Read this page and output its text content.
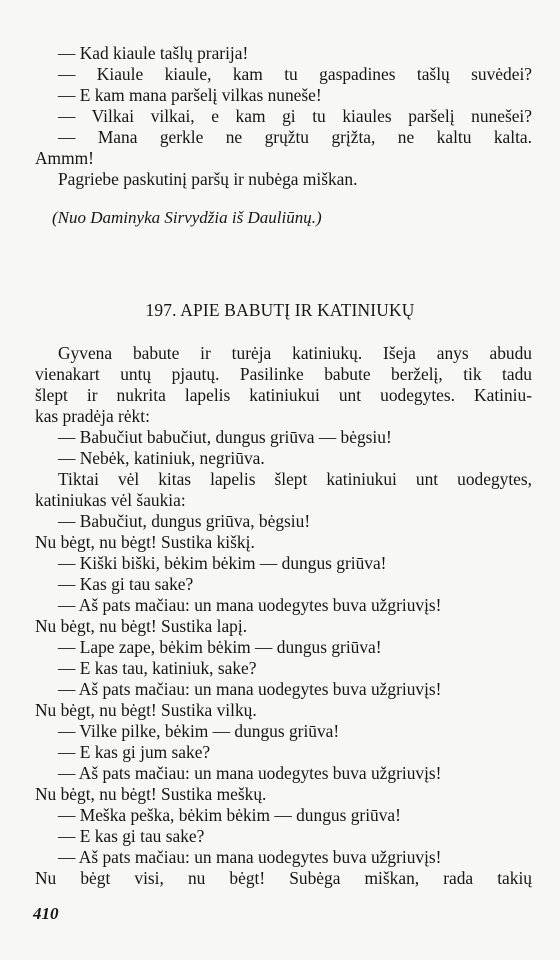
— Kad kiaule tašlų prarija!
— Kiaule kiaule, kam tu gaspadines tašlų suvėdei?
— E kam mana paršelį vilkas nuneše!
— Vilkai vilkai, e kam gi tu kiaules paršelį nunešei?
— Mana gerkle ne grųžtu grįžta, ne kaltu kalta.
Ammm!
Pagriebe paskutinį paršų ir nubėga miškan.
(Nuo Daminyka Sirvydžia iš Dauliūnų.)
197. APIE BABUTĮ IR KATINIUKŲ
Gyvena babute ir turėja katiniukų. Išeja anys abudu
vienakart untų pjautų. Pasilinke babute berželį, tik tadu
šlept ir nukrita lapelis katiniukui unt uodegytes. Katiniu-
kas pradėja rėkt:
— Babučiut babučiut, dungus griūva — bėgsiu!
— Nebėk, katiniuk, negriūva.
Tiktai vėl kitas lapelis šlept katiniukui unt uodegytes,
katiniukas vėl šaukia:
— Babučiut, dungus griūva, bėgsiu!
Nu bėgt, nu bėgt! Sustika kiškį.
— Kiški biški, bėkim bėkim — dungus griūva!
— Kas gi tau sake?
— Aš pats mačiau: un mana uodegytes buva užgriuvįs!
Nu bėgt, nu bėgt! Sustika lapį.
— Lape zape, bėkim bėkim — dungus griūva!
— E kas tau, katiniuk, sake?
— Aš pats mačiau: un mana uodegytes buva užgriuvįs!
Nu bėgt, nu bėgt! Sustika vilkų.
— Vilke pilke, bėkim — dungus griūva!
— E kas gi jum sake?
— Aš pats mačiau: un mana uodegytes buva užgriuvįs!
Nu bėgt, nu bėgt! Sustika meškų.
— Meška peška, bėkim bėkim — dungus griūva!
— E kas gi tau sake?
— Aš pats mačiau: un mana uodegytes buva užgriuvįs!
Nu bėgt visi, nu bėgt! Subėga miškan, rada takių
410
